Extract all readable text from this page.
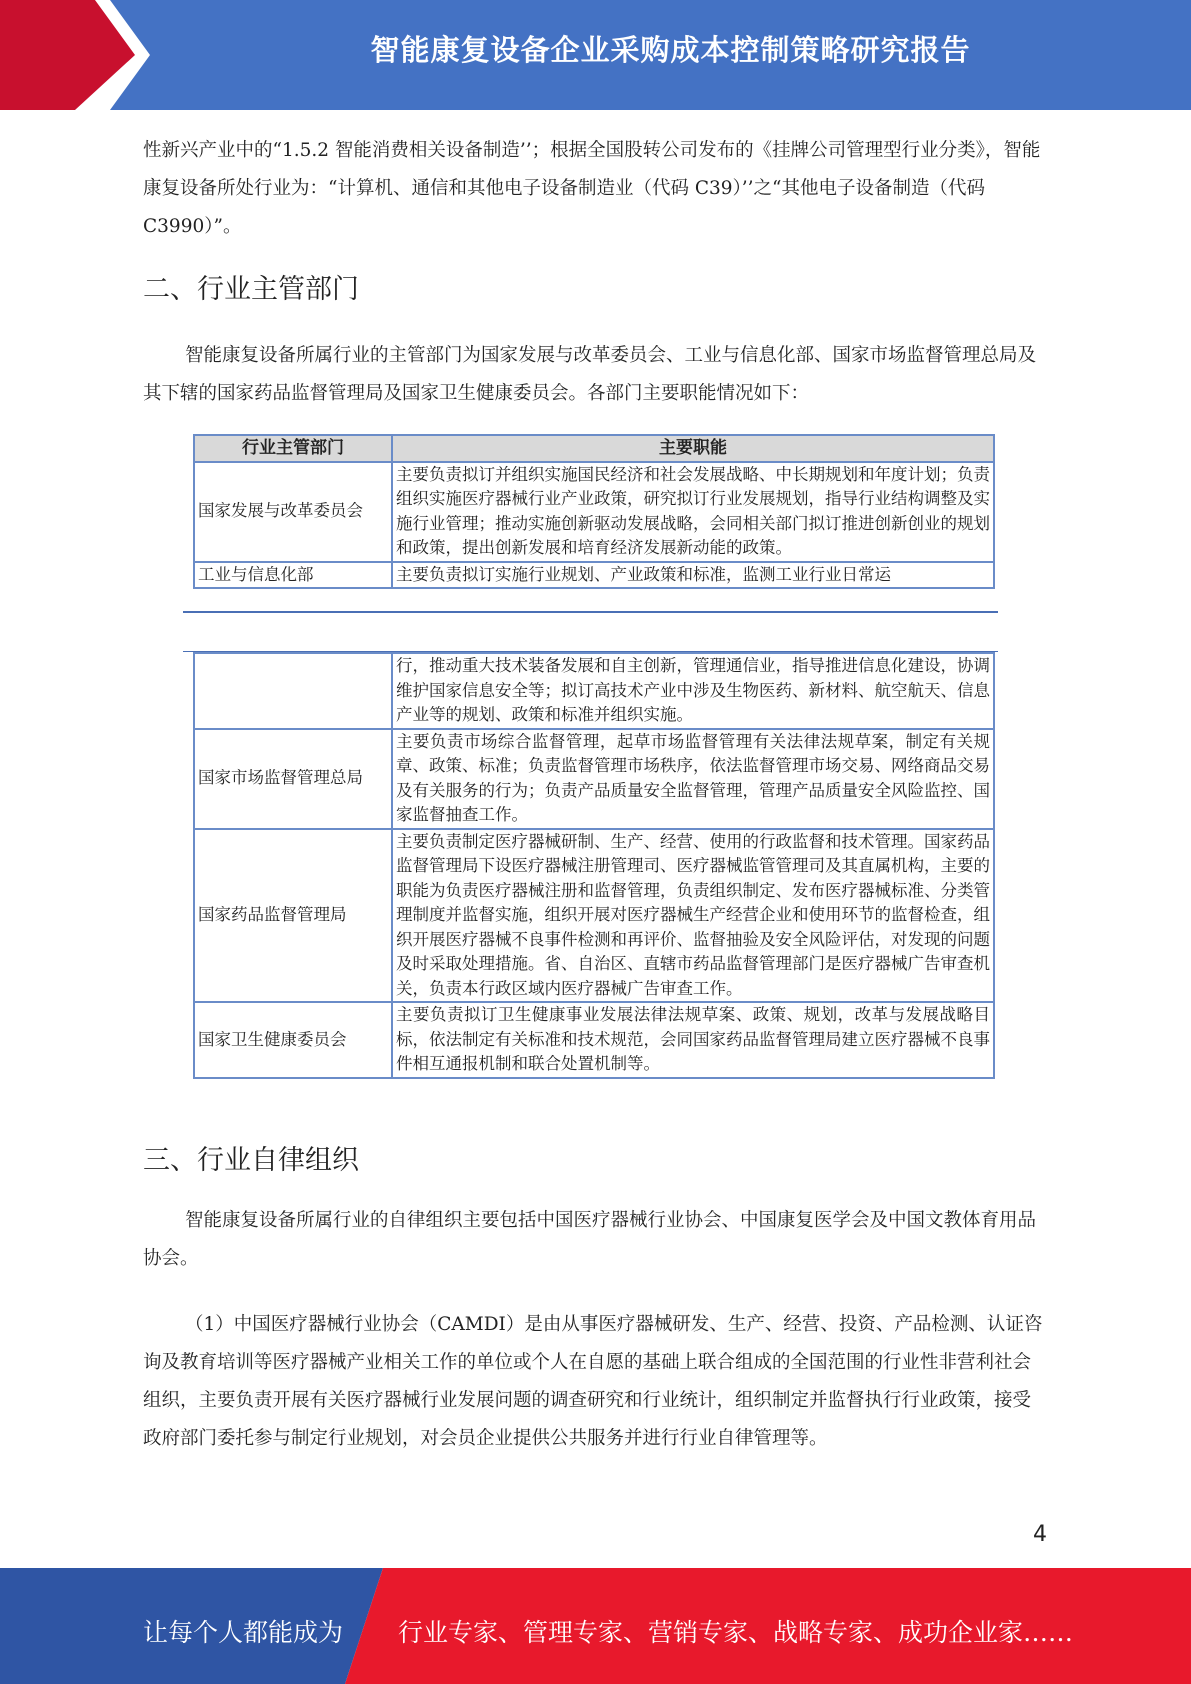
智能康复设备企业采购成本控制策略研究报告
性新兴产业中的“1.5.2 智能消费相关设备制造’’；根据全国股转公司发布的《挂牌公司管理型行业分类》，智能康复设备所处行业为：“计算机、通信和其他电子设备制造业（代码 C39）’’之“其他电子设备制造（代码 C3990）”。
二、行业主管部门
智能康复设备所属行业的主管部门为国家发展与改革委员会、工业与信息化部、国家市场监督管理总局及其下辖的国家药品监督管理局及国家卫生健康委员会。各部门主要职能情况如下：
行业主管部门	主要职能
国家发展与改革委员会	主要负责拟订并组织实施国民经济和社会发展战略、中长期规划和年度计划；负责组织实施医疗器械行业产业政策，研究拟订行业发展规划，指导行业结构调整及实施行业管理；推动实施创新驱动发展战略，会同相关部门拟订推进创新创业的规划和政策，提出创新发展和培育经济发展新动能的政策。
工业与信息化部	主要负责拟订实施行业规划、产业政策和标准，监测工业行业日常运
	行，推动重大技术装备发展和自主创新，管理通信业，指导推进信息化建设，协调维护国家信息安全等；拟订高技术产业中涉及生物医药、新材料、航空航天、信息产业等的规划、政策和标准并组织实施。
国家市场监督管理总局	主要负责市场综合监督管理，起草市场监督管理有关法律法规草案，制定有关规章、政策、标准；负责监督管理市场秩序，依法监督管理市场交易、网络商品交易及有关服务的行为；负责产品质量安全监督管理，管理产品质量安全风险监控、国家监督抽查工作。
国家药品监督管理局	主要负责制定医疗器械研制、生产、经营、使用的行政监督和技术管理。国家药品监督管理局下设医疗器械注册管理司、医疗器械监管管理司及其直属机构，主要的职能为负责医疗器械注册和监督管理，负责组织制定、发布医疗器械标准、分类管理制度并监督实施，组织开展对医疗器械生产经营企业和使用环节的监督检查，组织开展医疗器械不良事件检测和再评价、监督抽验及安全风险评估，对发现的问题及时采取处理措施。省、自治区、直辖市药品监督管理部门是医疗器械广告审查机关，负责本行政区域内医疗器械广告审查工作。
国家卫生健康委员会	主要负责拟订卫生健康事业发展法律法规草案、政策、规划，改革与发展战略目标，依法制定有关标准和技术规范，会同国家药品监督管理局建立医疗器械不良事件相互通报机制和联合处置机制等。
三、行业自律组织
智能康复设备所属行业的自律组织主要包括中国医疗器械行业协会、中国康复医学会及中国文教体育用品协会。
（1）中国医疗器械行业协会（CAMDI）是由从事医疗器械研发、生产、经营、投资、产品检测、认证咨询及教育培训等医疗器械产业相关工作的单位或个人在自愿的基础上联合组成的全国范围的行业性非营利社会组织，主要负责开展有关医疗器械行业发展问题的调查研究和行业统计，组织制定并监督执行行业政策，接受政府部门委托参与制定行业规划，对会员企业提供公共服务并进行行业自律管理等。
4
让每个人都能成为 行业专家、管理专家、营销专家、战略专家、成功企业家……
